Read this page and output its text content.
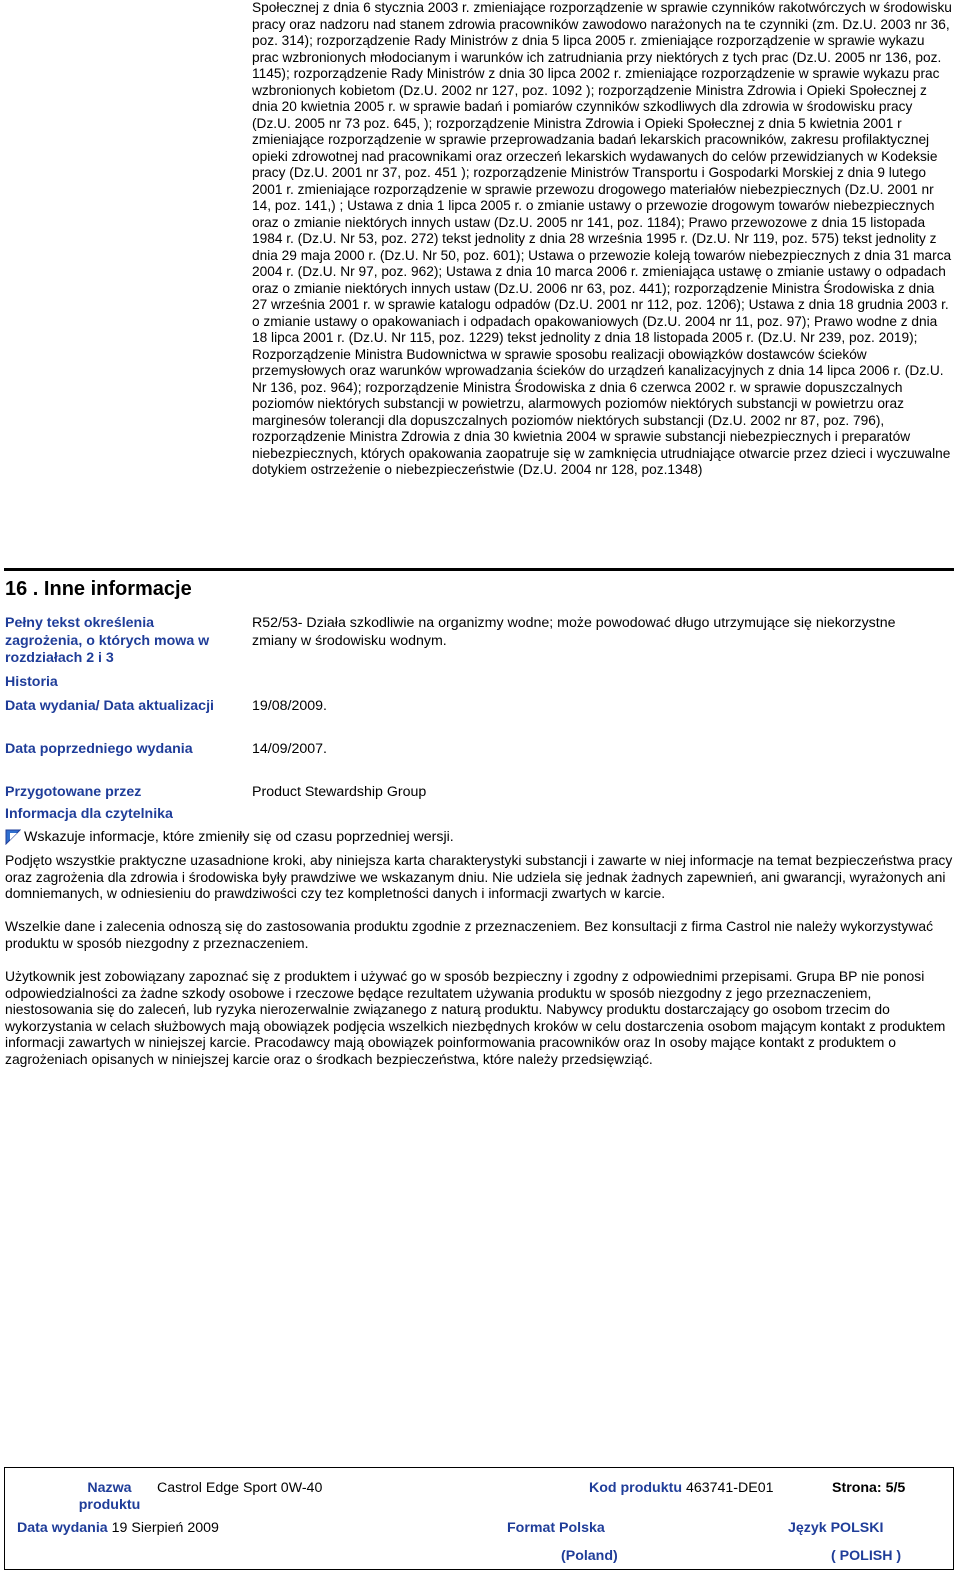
Społecznej z dnia 6 stycznia 2003 r. zmieniające rozporządzenie w sprawie czynników rakotwórczych w środowisku pracy oraz nadzoru nad stanem zdrowia pracowników zawodowo narażonych na te czynniki (zm. Dz.U. 2003 nr 36, poz. 314); rozporządzenie Rady Ministrów z dnia 5 lipca 2005 r. zmieniające rozporządzenie w sprawie wykazu prac wzbronionych młodocianym i warunków ich zatrudniania przy niektórych z tych prac (Dz.U. 2005 nr 136, poz. 1145); rozporządzenie Rady Ministrów z dnia 30 lipca 2002 r. zmieniające rozporządzenie w sprawie wykazu prac wzbronionych kobietom (Dz.U. 2002 nr 127, poz. 1092 ); rozporządzenie Ministra Zdrowia i Opieki Społecznej z dnia 20 kwietnia 2005 r. w sprawie badań i pomiarów czynników szkodliwych dla zdrowia w środowisku pracy (Dz.U. 2005 nr 73 poz. 645, ); rozporządzenie Ministra Zdrowia i Opieki Społecznej z dnia 5 kwietnia 2001 r zmieniające rozporządzenie w sprawie przeprowadzania badań lekarskich pracowników, zakresu profilaktycznej opieki zdrowotnej nad pracownikami oraz orzeczeń lekarskich wydawanych do celów przewidzianych w Kodeksie pracy (Dz.U. 2001 nr 37, poz. 451 ); rozporządzenie Ministrów Transportu i Gospodarki Morskiej z dnia 9 lutego 2001 r. zmieniające rozporządzenie w sprawie przewozu drogowego materiałów niebezpiecznych (Dz.U. 2001 nr 14, poz. 141,) ; Ustawa z dnia 1 lipca 2005 r. o zmianie ustawy o przewozie drogowym towarów niebezpiecznych oraz o zmianie niektórych innych ustaw (Dz.U. 2005 nr 141, poz. 1184); Prawo przewozowe z dnia 15 listopada 1984 r. (Dz.U. Nr 53, poz. 272) tekst jednolity z dnia 28 września 1995 r. (Dz.U. Nr 119, poz. 575) tekst jednolity z dnia 29 maja 2000 r. (Dz.U. Nr 50, poz. 601); Ustawa o przewozie koleją towarów niebezpiecznych z dnia 31 marca 2004 r. (Dz.U. Nr 97, poz. 962); Ustawa z dnia 10 marca 2006 r. zmieniająca ustawę o zmianie ustawy o odpadach oraz o zmianie niektórych innych ustaw (Dz.U. 2006 nr 63, poz. 441); rozporządzenie Ministra Środowiska z dnia 27 września 2001 r. w sprawie katalogu odpadów (Dz.U. 2001 nr 112, poz. 1206); Ustawa z dnia 18 grudnia 2003 r. o zmianie ustawy o opakowaniach i odpadach opakowaniowych (Dz.U. 2004 nr 11, poz. 97); Prawo wodne z dnia 18 lipca 2001 r. (Dz.U. Nr 115, poz. 1229) tekst jednolity z dnia 18 listopada 2005 r. (Dz.U. Nr 239, poz. 2019); Rozporządzenie Ministra Budownictwa w sprawie sposobu realizacji obowiązków dostawców ścieków przemysłowych oraz warunków wprowadzania ścieków do urządzeń kanalizacyjnych z dnia 14 lipca 2006 r. (Dz.U. Nr 136, poz. 964); rozporządzenie Ministra Środowiska z dnia 6 czerwca 2002 r. w sprawie dopuszczalnych poziomów niektórych substancji w powietrzu, alarmowych poziomów niektórych substancji w powietrzu oraz marginesów tolerancji dla dopuszczalnych poziomów niektórych substancji (Dz.U. 2002 nr 87, poz. 796), rozporządzenie Ministra Zdrowia z dnia 30 kwietnia 2004 w sprawie substancji niebezpiecznych i preparatów niebezpiecznych, których opakowania zaopatruje się w zamknięcia utrudniające otwarcie przez dzieci i wyczuwalne dotykiem ostrzeżenie o niebezpieczeństwie (Dz.U. 2004 nr 128, poz.1348)
16 . Inne informacje
Pełny tekst określenia zagrożenia, o których mowa w rozdziałach 2 i 3
R52/53- Działa szkodliwie na organizmy wodne; może powodować długo utrzymujące się niekorzystne zmiany w środowisku wodnym.
Historia
Data wydania/ Data aktualizacji	19/08/2009.
Data poprzedniego wydania	14/09/2007.
Przygotowane przez	Product Stewardship Group
Informacja dla czytelnika
Wskazuje informacje, które zmieniły się od czasu poprzedniej wersji.
Podjęto wszystkie praktyczne uzasadnione kroki, aby niniejsza karta charakterystyki substancji i zawarte w niej informacje na temat bezpieczeństwa pracy oraz zagrożenia dla zdrowia i środowiska były prawdziwe we wskazanym dniu. Nie udziela się jednak żadnych zapewnień, ani gwarancji, wyrażonych ani domniemanych, w odniesieniu do prawdziwości czy tez kompletności danych i informacji zwartych w karcie.
Wszelkie dane i zalecenia odnoszą się do zastosowania produktu zgodnie z przeznaczeniem. Bez konsultacji z firma Castrol nie należy wykorzystywać produktu w sposób niezgodny z przeznaczeniem.
Użytkownik jest zobowiązany zapoznać się z produktem i używać go w sposób bezpieczny i zgodny z odpowiednimi przepisami. Grupa BP nie ponosi odpowiedzialności za żadne szkody osobowe i rzeczowe będące rezultatem używania produktu w sposób niezgodny z jego przeznaczeniem, niestosowania się do zaleceń, lub ryzyka nierozerwalnie związanego z naturą produktu. Nabywcy produktu dostarczający go osobom trzecim do wykorzystania w celach służbowych mają obowiązek podjęcia wszelkich niezbędnych kroków w celu dostarczenia osobom mającym kontakt z produktem informacji zawartych w niniejszej karcie. Pracodawcy mają obowiązek poinformowania pracowników oraz In osoby mające kontakt z produktem o zagrożeniach opisanych w niniejszej karcie oraz o środkach bezpieczeństwa, które należy przedsięwziąć.
Nazwa produktu
Castrol Edge Sport 0W-40	Kod produktu 463741-DE01	Strona: 5/5
Data wydania 19 Sierpień 2009	Format Polska
(Poland)
Język POLSKI
( POLISH )
